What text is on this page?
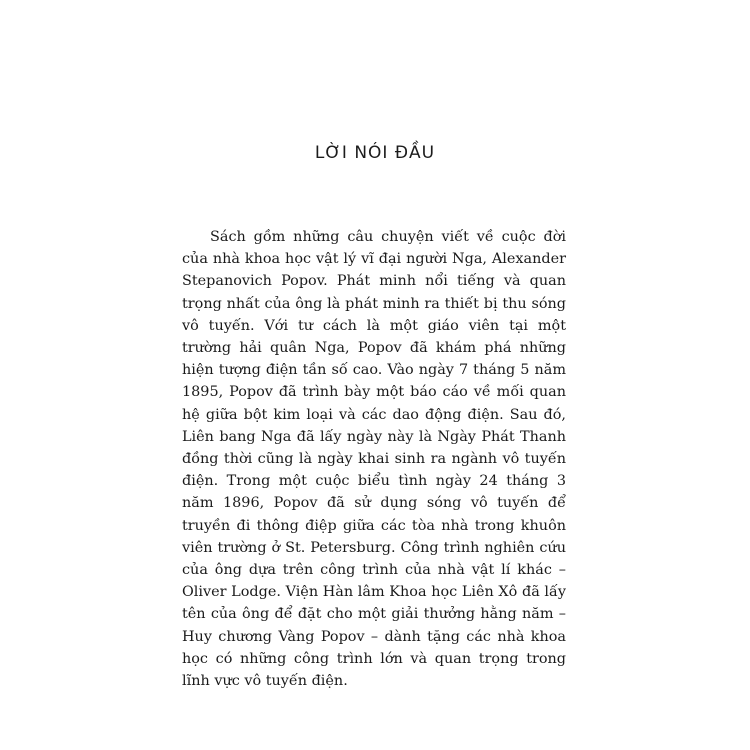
LỜI NÓI ĐẦU

Sách gồm những câu chuyện viết về cuộc đời của nhà khoa học vật lý vĩ đại người Nga, Alexander Stepanovich Popov. Phát minh nổi tiếng và quan trọng nhất của ông là phát minh ra thiết bị thu sóng vô tuyến. Với tư cách là một giáo viên tại một trường hải quân Nga, Popov đã khám phá những hiện tượng điện tần số cao. Vào ngày 7 tháng 5 năm 1895, Popov đã trình bày một báo cáo về mối quan hệ giữa bột kim loại và các dao động điện. Sau đó, Liên bang Nga đã lấy ngày này là Ngày Phát Thanh đồng thời cũng là ngày khai sinh ra ngành vô tuyến điện. Trong một cuộc biểu tình ngày 24 tháng 3 năm 1896, Popov đã sử dụng sóng vô tuyến để truyền đi thông điệp giữa các tòa nhà trong khuôn viên trường ở St. Petersburg. Công trình nghiên cứu của ông dựa trên công trình của nhà vật lí khác – Oliver Lodge. Viện Hàn lâm Khoa học Liên Xô đã lấy tên của ông để đặt cho một giải thưởng hằng năm – Huy chương Vàng Popov – dành tặng các nhà khoa học có những công trình lớn và quan trọng trong lĩnh vực vô tuyến điện.
